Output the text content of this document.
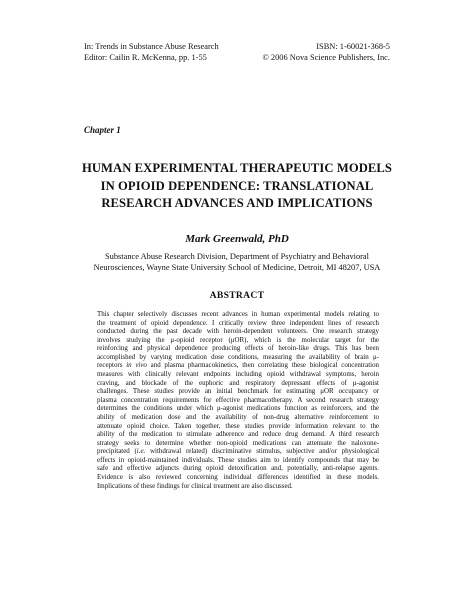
In: Trends in Substance Abuse Research
Editor: Cailin R. McKenna, pp. 1-55
ISBN: 1-60021-368-5
© 2006 Nova Science Publishers, Inc.
Chapter 1
HUMAN EXPERIMENTAL THERAPEUTIC MODELS
IN OPIOID DEPENDENCE: TRANSLATIONAL
RESEARCH ADVANCES AND IMPLICATIONS
Mark Greenwald, PhD
Substance Abuse Research Division, Department of Psychiatry and Behavioral
Neurosciences, Wayne State University School of Medicine, Detroit, MI 48207, USA
ABSTRACT
This chapter selectively discusses recent advances in human experimental models relating to
the treatment of opioid dependence. I critically review three independent lines of research
conducted during the past decade with heroin-dependent volunteers. One research strategy
involves studying the μ-opioid receptor (μOR), which is the molecular target for the
reinforcing and physical dependence producing effects of heroin-like drugs. This has been
accomplished by varying medication dose conditions, measuring the availability of brain μ-
receptors in vivo and plasma pharmacokinetics, then correlating these biological concentration
measures with clinically relevant endpoints including opioid withdrawal symptoms, heroin
craving, and blockade of the euphoric and respiratory depressant effects of μ-agonist
challenges. These studies provide an initial benchmark for estimating μOR occupancy or
plasma concentration requirements for effective pharmacotherapy. A second research strategy
determines the conditions under which μ-agonist medications function as reinforcers, and the
ability of medication dose and the availability of non-drug alternative reinforcement to
attenuate opioid choice. Taken together, these studies provide information relevant to the
ability of the medication to stimulate adherence and reduce drug demand. A third research
strategy seeks to determine whether non-opioid medications can attenuate the naloxone-
precipitated (i.e. withdrawal related) discriminative stimulus, subjective and/or physiological
effects in opioid-maintained individuals. These studies aim to identify compounds that may be
safe and effective adjuncts during opioid detoxification and, potentially, anti-relapse agents.
Evidence is also reviewed concerning individual differences identified in these models.
Implications of these findings for clinical treatment are also discussed.
